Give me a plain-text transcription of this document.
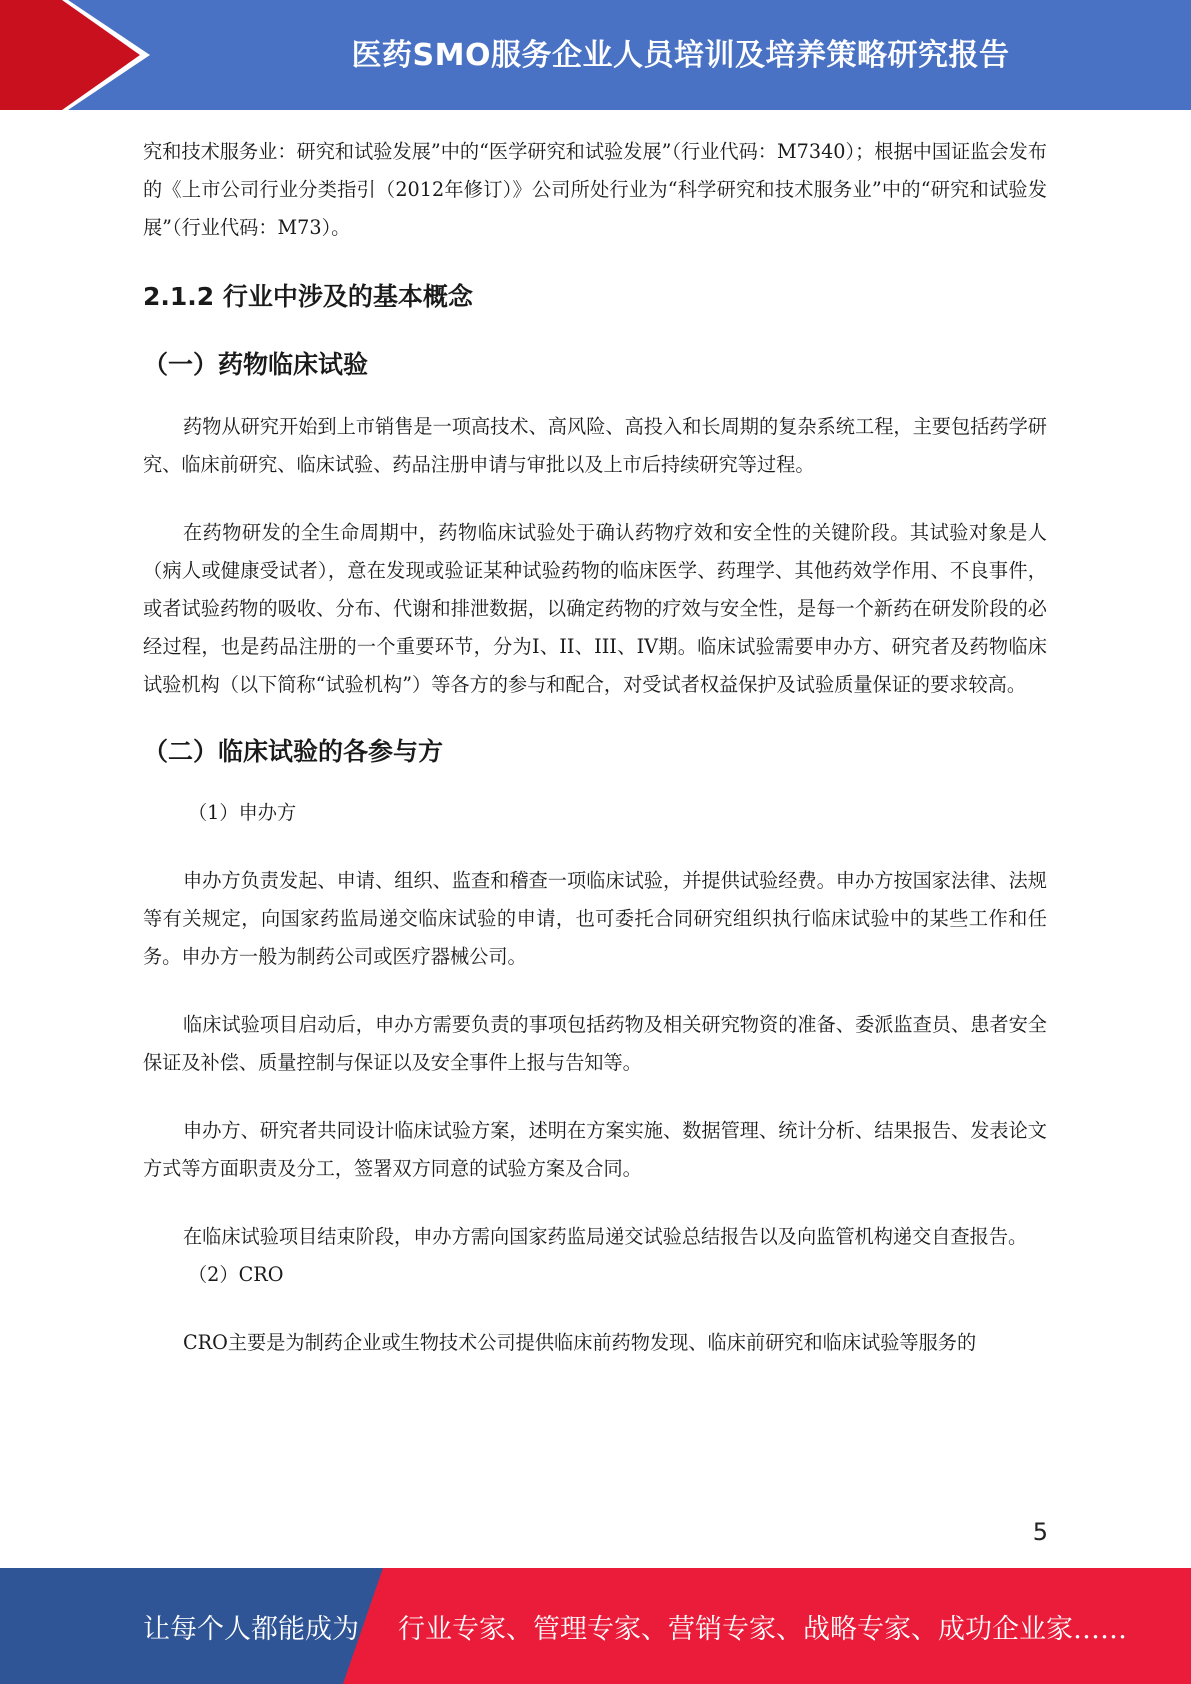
医药SMO服务企业人员培训及培养策略研究报告

究和技术服务业：研究和试验发展”中的“医学研究和试验发展”（行业代码：M7340）；根据中国证监会发布的《上市公司行业分类指引（2012年修订）》公司所处行业为“科学研究和技术服务业”中的“研究和试验发展”（行业代码：M73）。

2.1.2 行业中涉及的基本概念
（一）药物临床试验

药物从研究开始到上市销售是一项高技术、高风险、高投入和长周期的复杂系统工程，主要包括药学研究、临床前研究、临床试验、药品注册申请与审批以及上市后持续研究等过程。

在药物研发的全生命周期中，药物临床试验处于确认药物疗效和安全性的关键阶段。其试验对象是人（病人或健康受试者），意在发现或验证某种试验药物的临床医学、药理学、其他药效学作用、不良事件，或者试验药物的吸收、分布、代谢和排泄数据，以确定药物的疗效与安全性，是每一个新药在研发阶段的必经过程，也是药品注册的一个重要环节，分为I、II、III、IV期。临床试验需要申办方、研究者及药物临床试验机构（以下简称“试验机构”）等各方的参与和配合，对受试者权益保护及试验质量保证的要求较高。

（二）临床试验的各参与方

（1）申办方

申办方负责发起、申请、组织、监查和稽查一项临床试验，并提供试验经费。申办方按国家法律、法规等有关规定，向国家药监局递交临床试验的申请，也可委托合同研究组织执行临床试验中的某些工作和任务。申办方一般为制药公司或医疗器械公司。

临床试验项目启动后，申办方需要负责的事项包括药物及相关研究物资的准备、委派监查员、患者安全保证及补偿、质量控制与保证以及安全事件上报与告知等。

申办方、研究者共同设计临床试验方案，述明在方案实施、数据管理、统计分析、结果报告、发表论文方式等方面职责及分工，签署双方同意的试验方案及合同。

在临床试验项目结束阶段，申办方需向国家药监局递交试验总结报告以及向监管机构递交自查报告。

（2）CRO

CRO主要是为制药企业或生物技术公司提供临床前药物发现、临床前研究和临床试验等服务的

5
让每个人都能成为 行业专家、管理专家、营销专家、战略专家、成功企业家……
